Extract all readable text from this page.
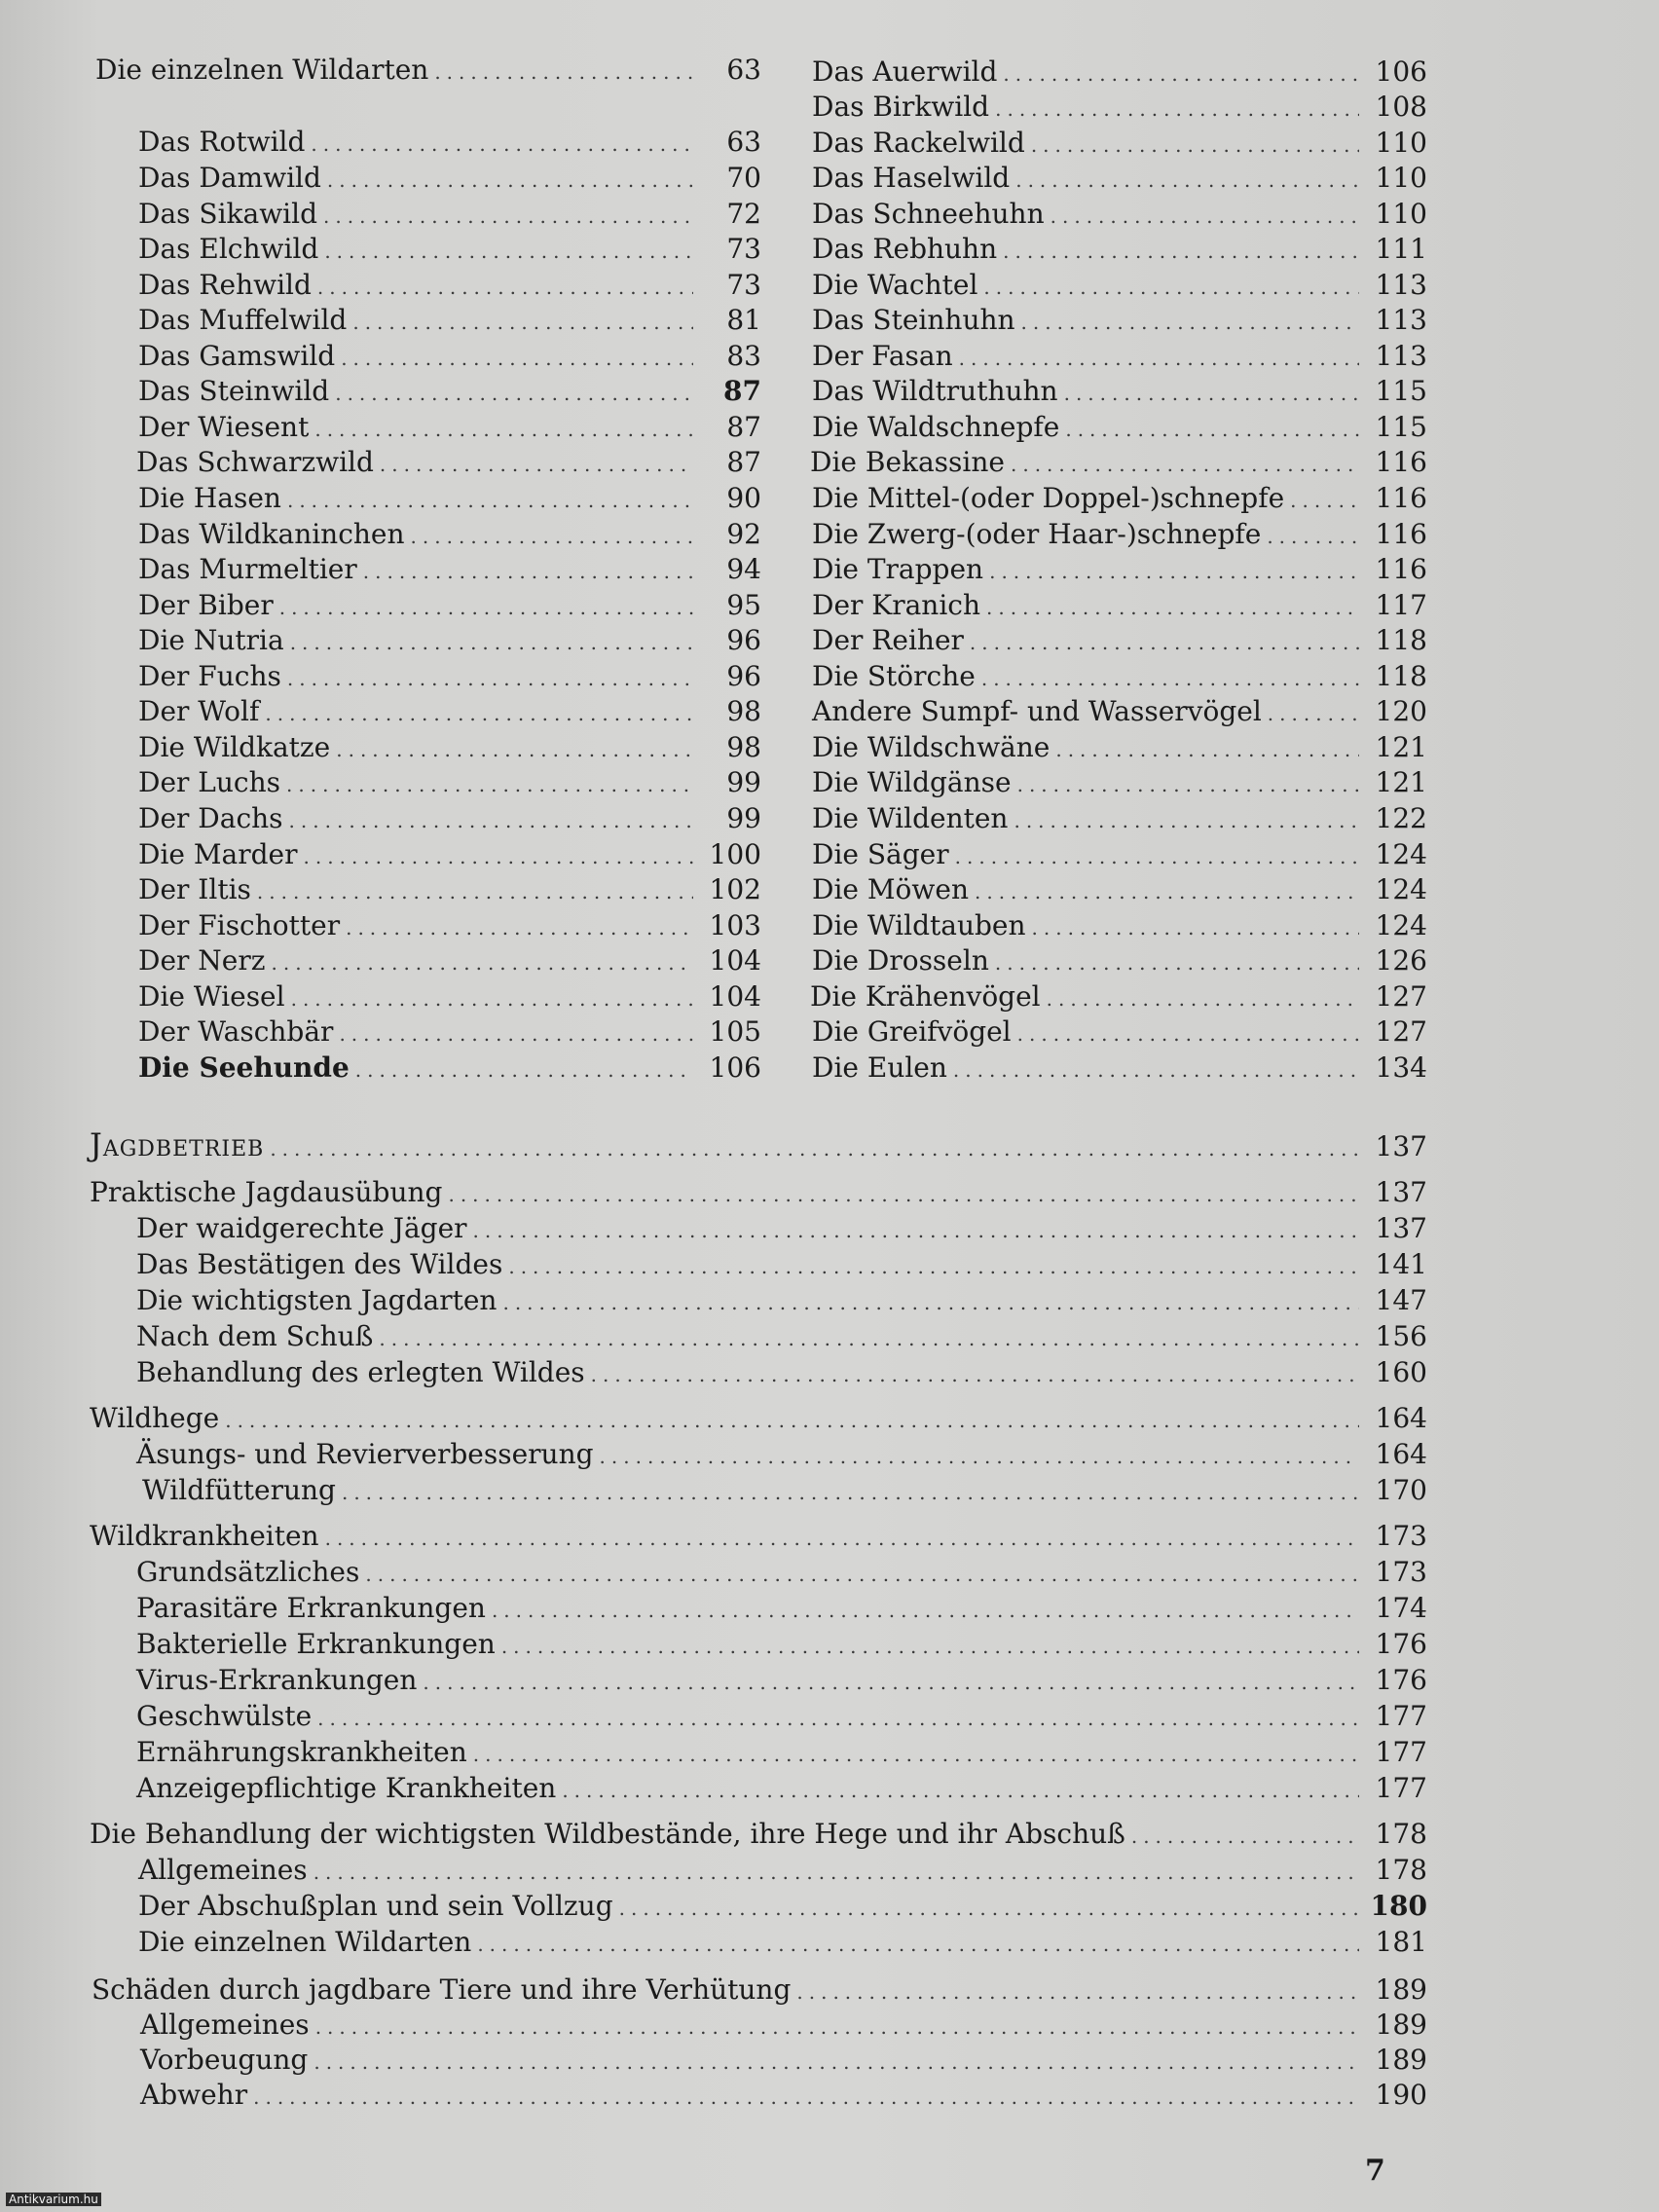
Die einzelnen Wildarten .....	63
Das Rotwild .....	63
Das Damwild .....	70
Das Sikawild .....	72
Das Elchwild .....	73
Das Rehwild .....	73
Das Muffelwild .....	81
Das Gamswild .....	83
Das Steinwild .....	87
Der Wiesent .....	87
Das Schwarzwild .....	87
Die Hasen .....	90
Das Wildkaninchen .....	92
Das Murmeltier .....	94
Der Biber .....	95
Die Nutria .....	96
Der Fuchs .....	96
Der Wolf .....	98
Die Wildkatze .....	98
Der Luchs .....	99
Der Dachs .....	99
Die Marder .....	100
Der Iltis .....	102
Der Fischotter .....	103
Der Nerz .....	104
Die Wiesel .....	104
Der Waschbär .....	105
Die Seehunde .....	106
Das Auerwild .....	106
Das Birkwild .....	108
Das Rackelwild .....	110
Das Haselwild .....	110
Das Schneehuhn .....	110
Das Rebhuhn .....	111
Die Wachtel .....	113
Das Steinhuhn .....	113
Der Fasan .....	113
Das Wildtruthuhn .....	115
Die Waldschnepfe .....	115
Die Bekassine .....	116
Die Mittel-(oder Doppel-)schnepfe .....	116
Die Zwerg-(oder Haar-)schnepfe .....	116
Die Trappen .....	116
Der Kranich .....	117
Der Reiher .....	118
Die Störche .....	118
Andere Sumpf- und Wasservögel .....	120
Die Wildschwäne .....	121
Die Wildgänse .....	121
Die Wildenten .....	122
Die Säger .....	124
Die Möwen .....	124
Die Wildtauben .....	124
Die Drosseln .....	126
Die Krähenvögel .....	127
Die Greifvögel .....	127
Die Eulen .....	134
Jagdbetrieb .....	137
Praktische Jagdausübung .....	137
Der waidgerechte Jäger .....	137
Das Bestätigen des Wildes .....	141
Die wichtigsten Jagdarten .....	147
Nach dem Schuß .....	156
Behandlung des erlegten Wildes .....	160
Wildhege .....	164
Äsungs- und Revierverbesserung .....	164
Wildfütterung .....	170
Wildkrankheiten .....	173
Grundsätzliches .....	173
Parasitäre Erkrankungen .....	174
Bakterielle Erkrankungen .....	176
Virus-Erkrankungen .....	176
Geschwülste .....	177
Ernährungskrankheiten .....	177
Anzeigepflichtige Krankheiten .....	177
Die Behandlung der wichtigsten Wildbestände, ihre Hege und ihr Abschuß .....	178
Allgemeines .....	178
Der Abschußplan und sein Vollzug .....	180
Die einzelnen Wildarten .....	181
Schäden durch jagdbare Tiere und ihre Verhütung .....	189
Allgemeines .....	189
Vorbeugung .....	189
Abwehr .....	190
7
Antikvarium.hu
